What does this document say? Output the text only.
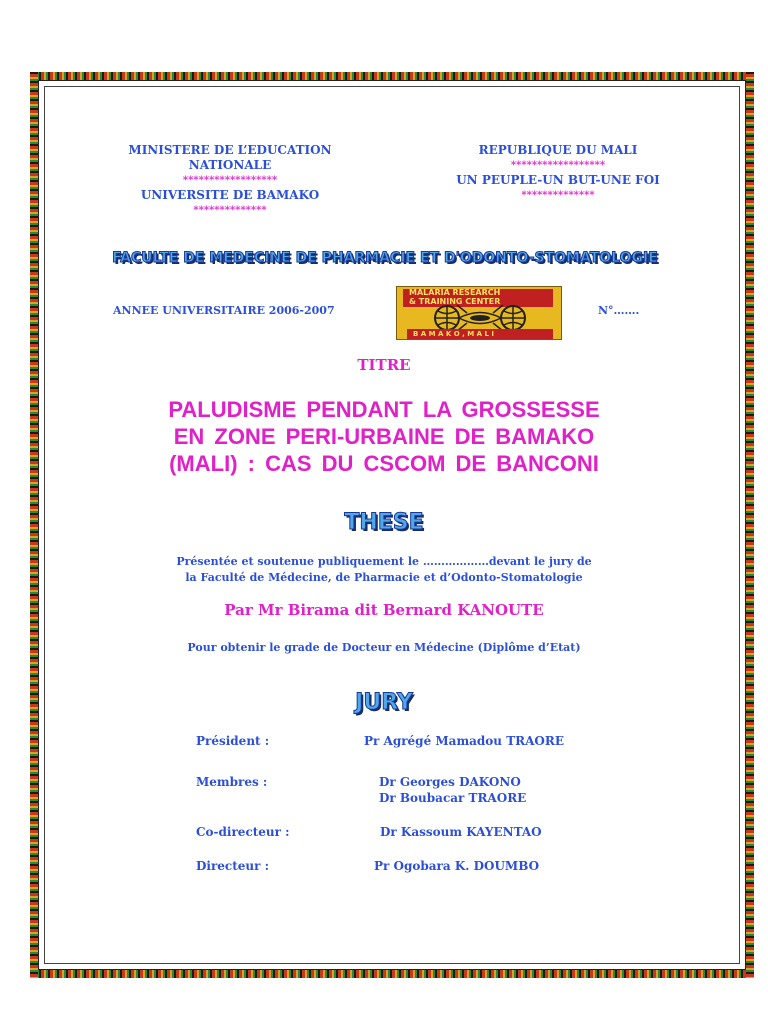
MINISTERE DE L’EDUCATION
NATIONALE
******************
UNIVERSITE DE BAMAKO
**************
REPUBLIQUE DU MALI
******************
UN PEUPLE-UN BUT-UNE FOI
**************
FACULTE DE MEDECINE DE PHARMACIE ET D'ODONTO-STOMATOLOGIE
ANNEE UNIVERSITAIRE 2006-2007
MALARIA RESEARCH
& TRAINING CENTER
B A M A K O , M A L I
N°…….
TITRE
PALUDISME PENDANT LA GROSSESSE
EN ZONE PERI-URBAINE DE BAMAKO
(MALI) : CAS DU CSCOM DE BANCONI
THESE
Présentée et soutenue publiquement le ………………devant le jury de
la Faculté de Médecine, de Pharmacie et d’Odonto-Stomatologie
Par Mr Birama dit Bernard KANOUTE
Pour obtenir le grade de Docteur en Médecine (Diplôme d’Etat)
JURY
Président :	Pr Agrégé Mamadou TRAORE
Membres :	Dr Georges DAKONO
Dr Boubacar TRAORE
Co-directeur :	Dr Kassoum KAYENTAO
Directeur :	Pr Ogobara K. DOUMBO
